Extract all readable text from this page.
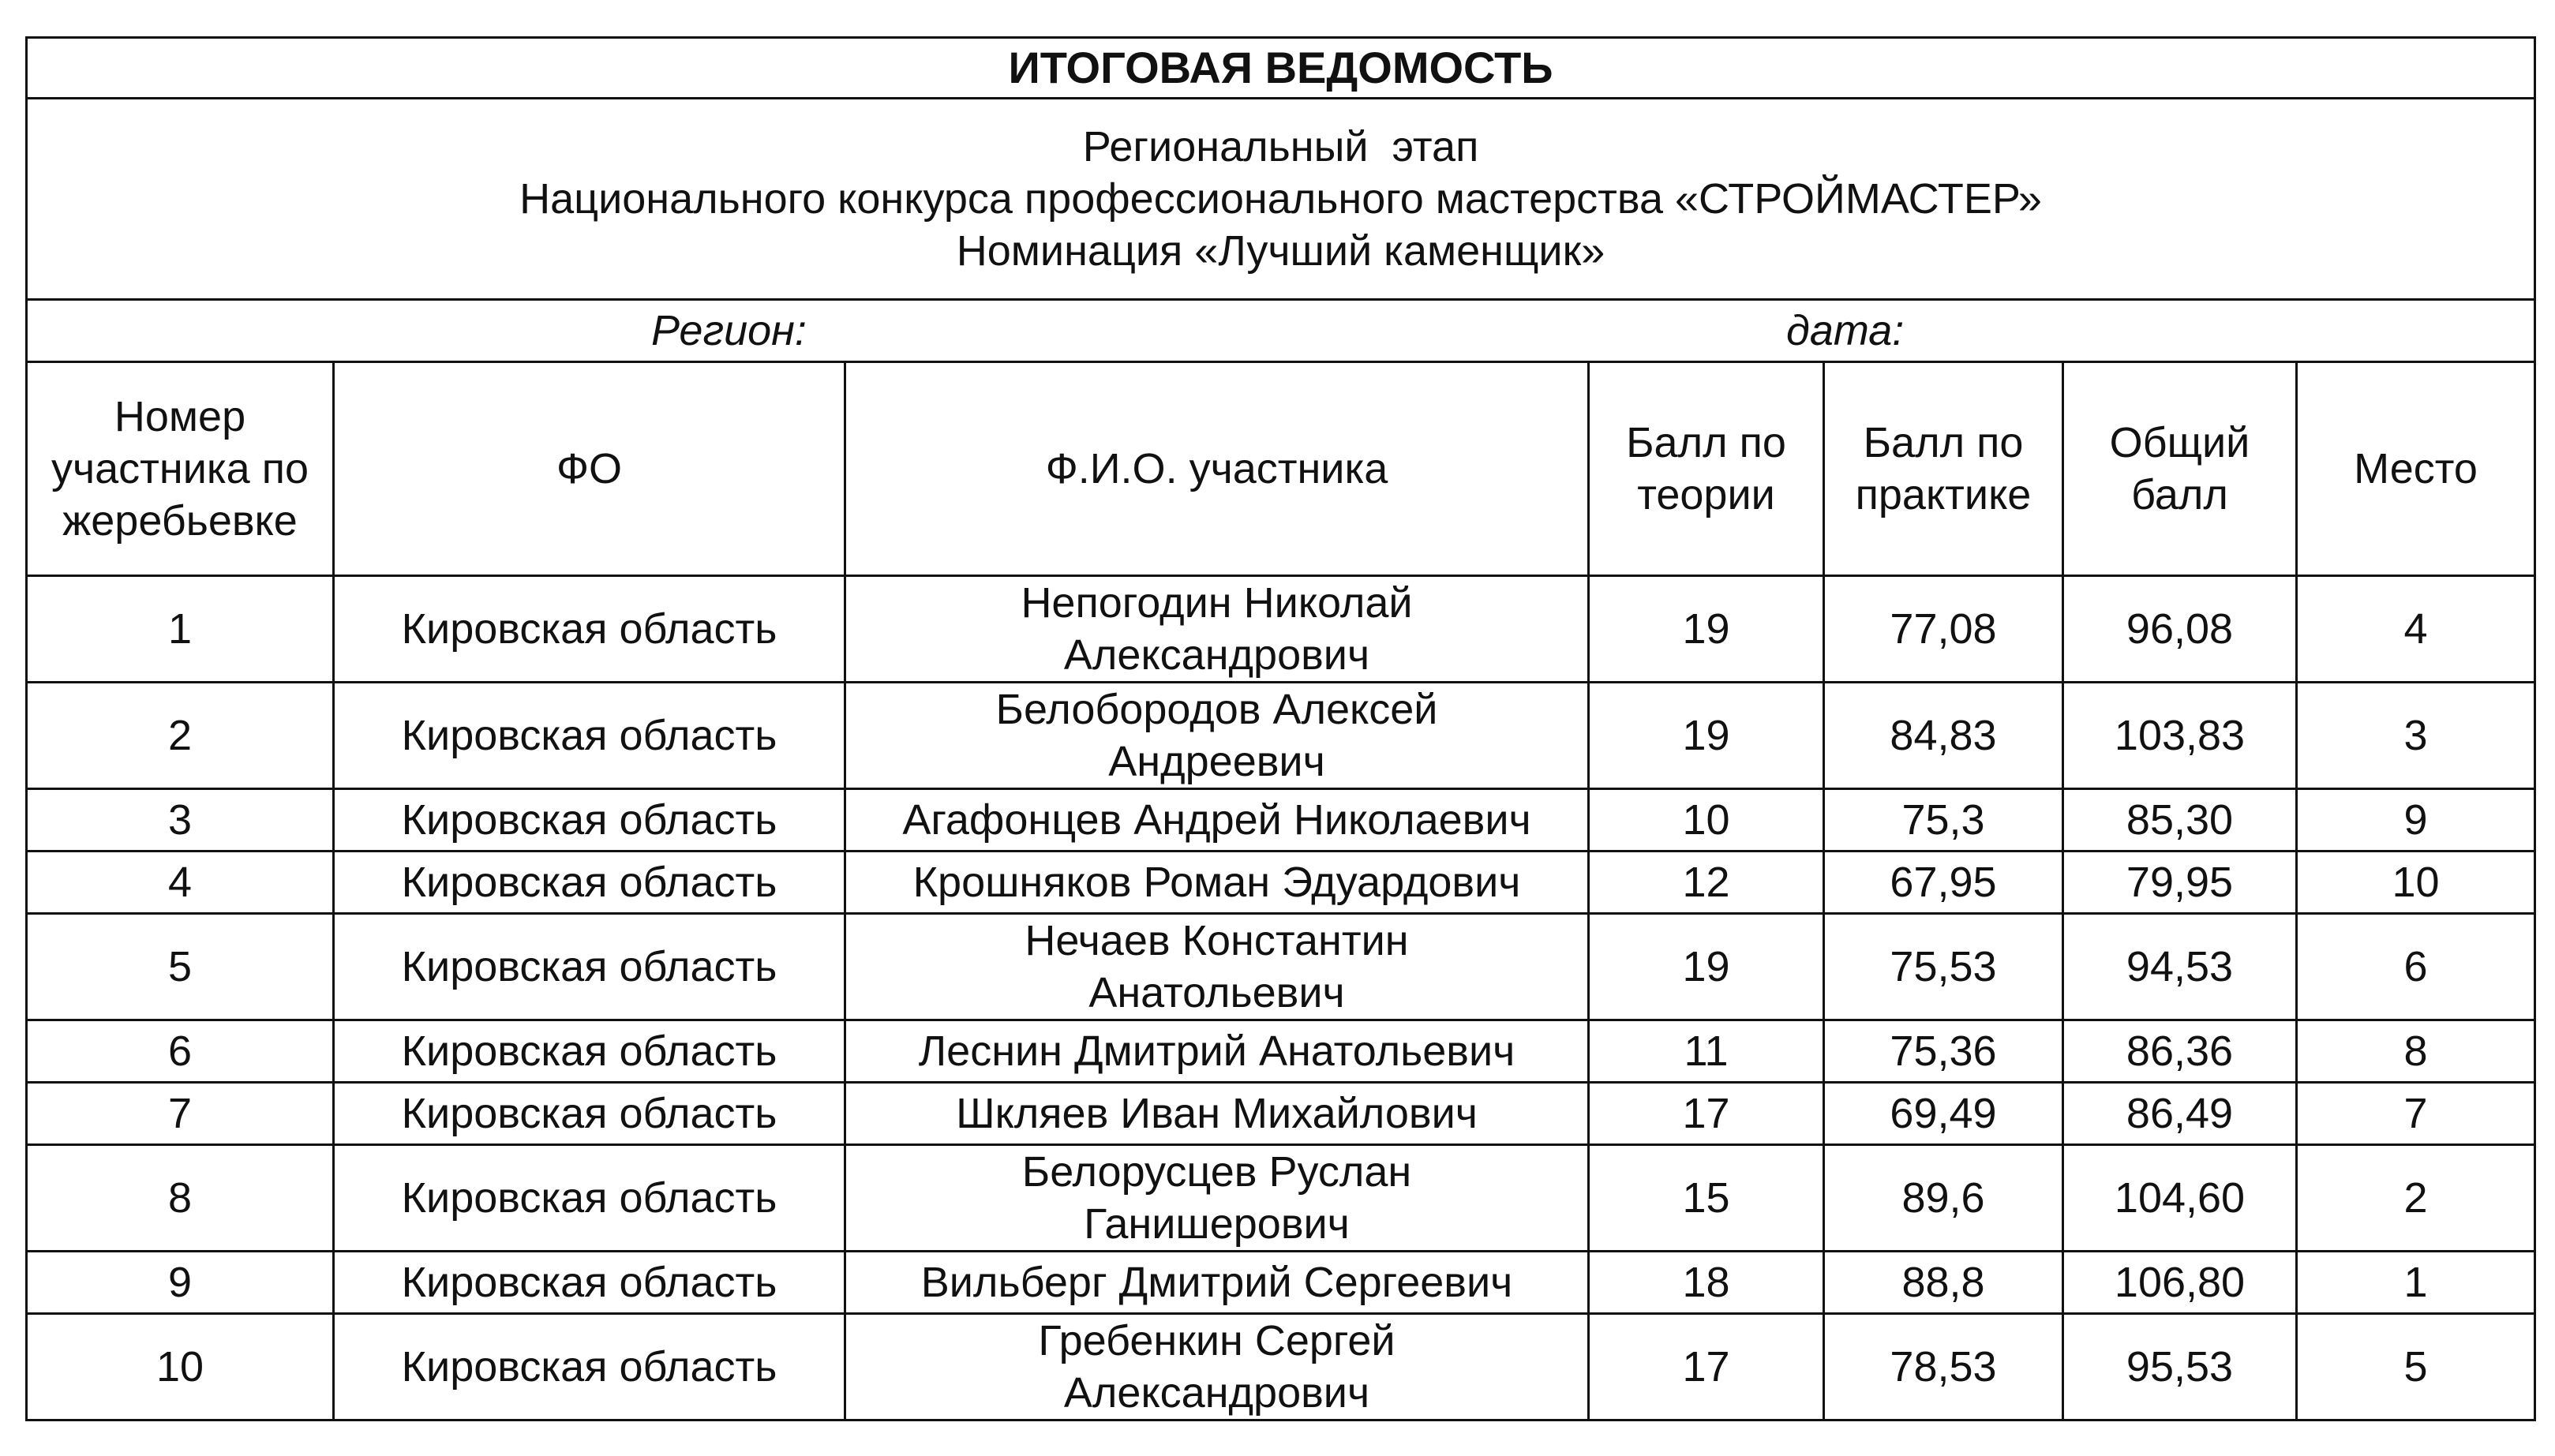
ИТОГОВАЯ ВЕДОМОСТЬ						

Региональный  этап
Национального конкурса профессионального мастерства «СТРОЙМАСТЕР»
Номинация «Лучший каменщик»						

Регион: дата:						

Номер участника по жеребьевке	ФО	Ф.И.О. участника	Балл по теории	Балл по практике	Общий балл	Место
1	Кировская область	Непогодин Николай Александрович	19	77,08	96,08	4
2	Кировская область	Белобородов Алексей Андреевич	19	84,83	103,83	3
3	Кировская область	Агафонцев Андрей Николаевич	10	75,3	85,30	9
4	Кировская область	Крошняков Роман Эдуардович	12	67,95	79,95	10
5	Кировская область	Нечаев Константин Анатольевич	19	75,53	94,53	6
6	Кировская область	Леснин Дмитрий Анатольевич	11	75,36	86,36	8
7	Кировская область	Шкляев Иван Михайлович	17	69,49	86,49	7
8	Кировская область	Белорусцев Руслан Ганишерович	15	89,6	104,60	2
9	Кировская область	Вильберг Дмитрий Сергеевич	18	88,8	106,80	1
10	Кировская область	Гребенкин Сергей Александрович	17	78,53	95,53	5
